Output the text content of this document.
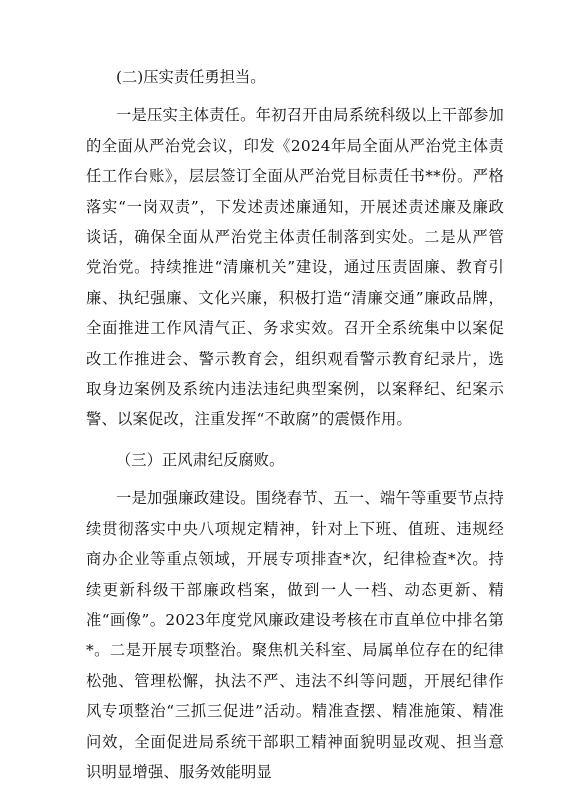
(二)压实责任勇担当。

一是压实主体责任。年初召开由局系统科级以上干部参加的全面从严治党会议，印发《2024年局全面从严治党主体责任工作台账》，层层签订全面从严治党目标责任书**份。严格落实“一岗双责”，下发述责述廉通知，开展述责述廉及廉政谈话，确保全面从严治党主体责任制落到实处。二是从严管党治党。持续推进“清廉机关”建设，通过压责固廉、教育引廉、执纪强廉、文化兴廉，积极打造“清廉交通”廉政品牌，全面推进工作风清气正、务求实效。召开全系统集中以案促改工作推进会、警示教育会，组织观看警示教育纪录片，选取身边案例及系统内违法违纪典型案例，以案释纪、纪案示警、以案促改，注重发挥“不敢腐”的震慑作用。

（三）正风肃纪反腐败。

一是加强廉政建设。围绕春节、五一、端午等重要节点持续贯彻落实中央八项规定精神，针对上下班、值班、违规经商办企业等重点领域，开展专项排查*次，纪律检查*次。持续更新科级干部廉政档案，做到一人一档、动态更新、精准“画像”。2023年度党风廉政建设考核在市直单位中排名第*。二是开展专项整治。聚焦机关科室、局属单位存在的纪律松弛、管理松懈，执法不严、违法不纠等问题，开展纪律作风专项整治“三抓三促进”活动。精准查摆、精准施策、精准问效，全面促进局系统干部职工精神面貌明显改观、担当意识明显增强、服务效能明显
